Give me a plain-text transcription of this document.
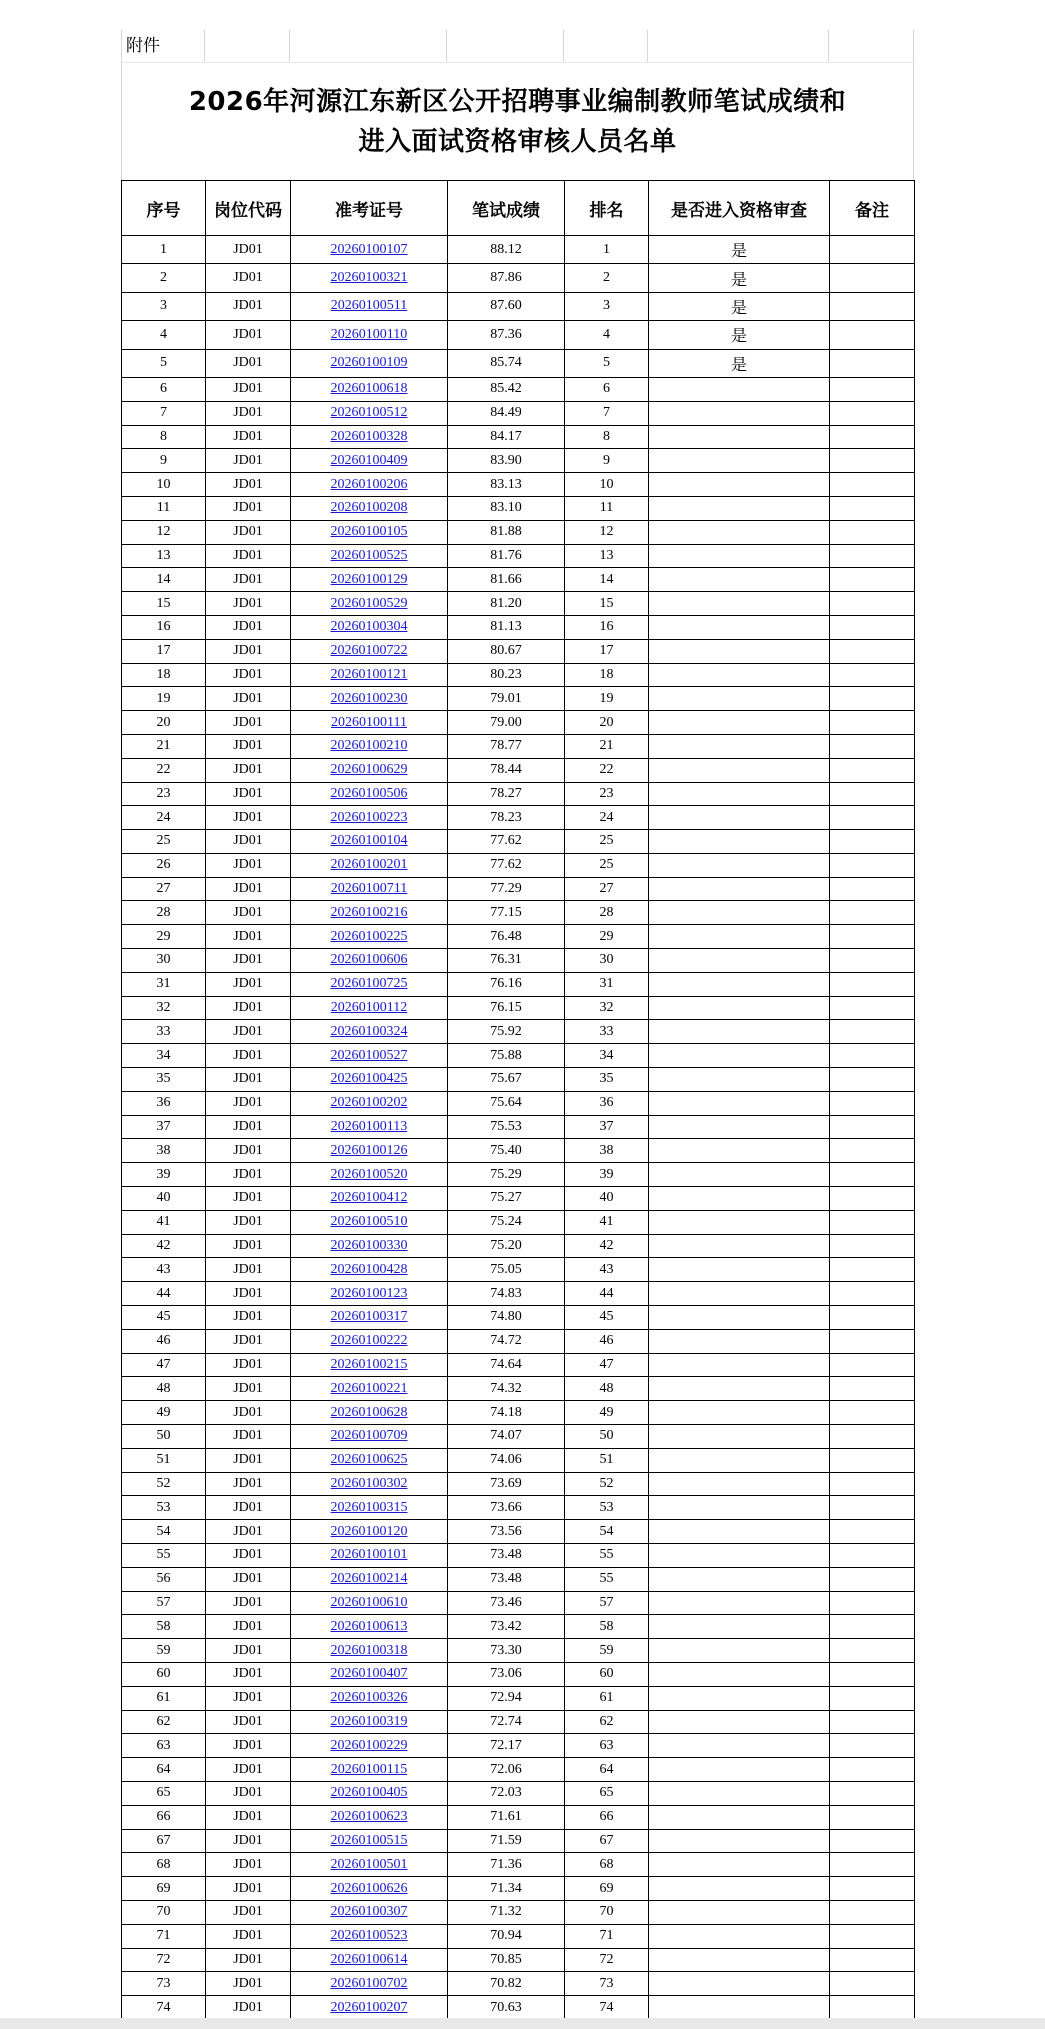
附件
2026年河源江东新区公开招聘事业编制教师笔试成绩和
进入面试资格审核人员名单
序号	岗位代码	准考证号	笔试成绩	排名	是否进入资格审查	备注
1	JD01	20260100107	88.12	1	是	
2	JD01	20260100321	87.86	2	是	
3	JD01	20260100511	87.60	3	是	
4	JD01	20260100110	87.36	4	是	
5	JD01	20260100109	85.74	5	是	
6	JD01	20260100618	85.42	6		
7	JD01	20260100512	84.49	7		
8	JD01	20260100328	84.17	8		
9	JD01	20260100409	83.90	9		
10	JD01	20260100206	83.13	10		
11	JD01	20260100208	83.10	11		
12	JD01	20260100105	81.88	12		
13	JD01	20260100525	81.76	13		
14	JD01	20260100129	81.66	14		
15	JD01	20260100529	81.20	15		
16	JD01	20260100304	81.13	16		
17	JD01	20260100722	80.67	17		
18	JD01	20260100121	80.23	18		
19	JD01	20260100230	79.01	19		
20	JD01	20260100111	79.00	20		
21	JD01	20260100210	78.77	21		
22	JD01	20260100629	78.44	22		
23	JD01	20260100506	78.27	23		
24	JD01	20260100223	78.23	24		
25	JD01	20260100104	77.62	25		
26	JD01	20260100201	77.62	25		
27	JD01	20260100711	77.29	27		
28	JD01	20260100216	77.15	28		
29	JD01	20260100225	76.48	29		
30	JD01	20260100606	76.31	30		
31	JD01	20260100725	76.16	31		
32	JD01	20260100112	76.15	32		
33	JD01	20260100324	75.92	33		
34	JD01	20260100527	75.88	34		
35	JD01	20260100425	75.67	35		
36	JD01	20260100202	75.64	36		
37	JD01	20260100113	75.53	37		
38	JD01	20260100126	75.40	38		
39	JD01	20260100520	75.29	39		
40	JD01	20260100412	75.27	40		
41	JD01	20260100510	75.24	41		
42	JD01	20260100330	75.20	42		
43	JD01	20260100428	75.05	43		
44	JD01	20260100123	74.83	44		
45	JD01	20260100317	74.80	45		
46	JD01	20260100222	74.72	46		
47	JD01	20260100215	74.64	47		
48	JD01	20260100221	74.32	48		
49	JD01	20260100628	74.18	49		
50	JD01	20260100709	74.07	50		
51	JD01	20260100625	74.06	51		
52	JD01	20260100302	73.69	52		
53	JD01	20260100315	73.66	53		
54	JD01	20260100120	73.56	54		
55	JD01	20260100101	73.48	55		
56	JD01	20260100214	73.48	55		
57	JD01	20260100610	73.46	57		
58	JD01	20260100613	73.42	58		
59	JD01	20260100318	73.30	59		
60	JD01	20260100407	73.06	60		
61	JD01	20260100326	72.94	61		
62	JD01	20260100319	72.74	62		
63	JD01	20260100229	72.17	63		
64	JD01	20260100115	72.06	64		
65	JD01	20260100405	72.03	65		
66	JD01	20260100623	71.61	66		
67	JD01	20260100515	71.59	67		
68	JD01	20260100501	71.36	68		
69	JD01	20260100626	71.34	69		
70	JD01	20260100307	71.32	70		
71	JD01	20260100523	70.94	71		
72	JD01	20260100614	70.85	72		
73	JD01	20260100702	70.82	73		
74	JD01	20260100207	70.63	74		
